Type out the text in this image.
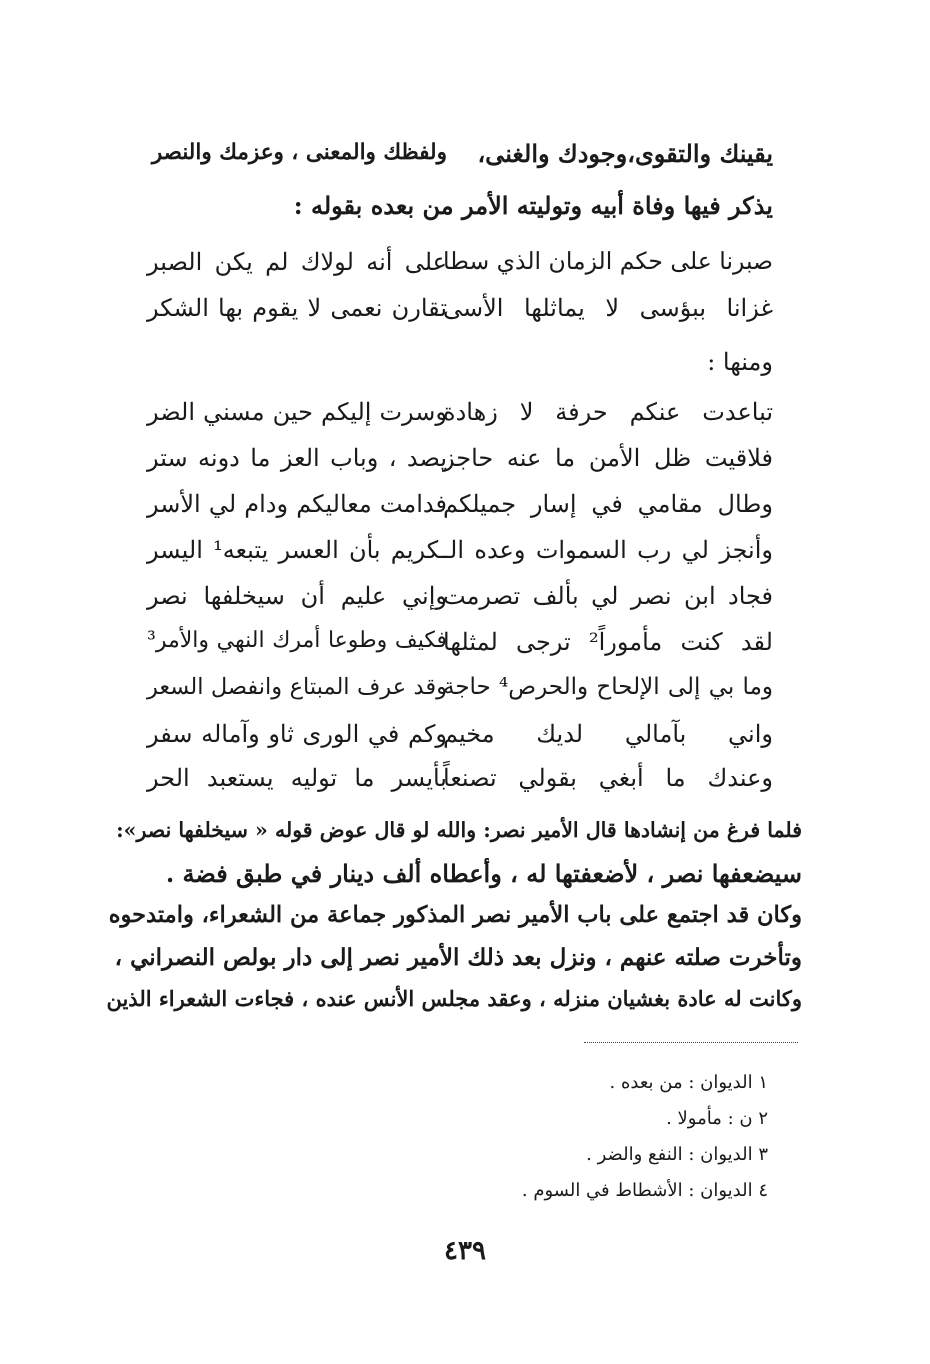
يقينك والتقوى،وجودك والغنى،
ولفظك والمعنى ، وعزمك والنصر
يذكر فيها وفاة أبيه وتوليته الأمر من بعده بقوله :
صبرنا على حكم الزمان الذي سطا
على أنه لولاك لم يكن الصبر
غزانا ببؤسى لا يماثلها الأسى
تقارن نعمى لا يقوم بها الشكر
ومنها :
تباعدت عنكم حرفة لا زهادة
وسرت إليكم حين مسني الضر
فلاقيت ظل الأمن ما عنه حاجز
يصد ، وباب العز ما دونه ستر
وطال مقامي في إسار جميلكم
فدامت معاليكم ودام لي الأسر
وأنجز لي رب السموات وعده الـ
ـكريم بأن العسر يتبعه¹ اليسر
فجاد ابن نصر لي بألف تصرمت
وإني عليم أن سيخلفها نصر
لقد كنت مأموراً² ترجى لمثلها
فكيف وطوعا أمرك النهي والأمر³
وما بي إلى الإلحاح والحرص⁴ حاجة
وقد عرف المبتاع وانفصل السعر
واني بآمالي لديك مخيم
وكم في الورى ثاو وآماله سفر
وعندك ما أبغي بقولي تصنعاً
بأيسر ما توليه يستعبد الحر
فلما فرغ من إنشادها قال الأمير نصر: والله لو قال عوض قوله « سيخلفها نصر»:
سيضعفها نصر ، لأضعفتها له ، وأعطاه ألف دينار في طبق فضة .
وكان قد اجتمع على باب الأمير نصر المذكور جماعة من الشعراء، وامتدحوه
وتأخرت صلته عنهم ، ونزل بعد ذلك الأمير نصر إلى دار بولص النصراني ،
وكانت له عادة بغشيان منزله ، وعقد مجلس الأنس عنده ، فجاءت الشعراء الذين
١ الديوان : من بعده .
٢ ن : مأمولا .
٣ الديوان : النفع والضر .
٤ الديوان : الأشطاط في السوم .
٤٣٩
